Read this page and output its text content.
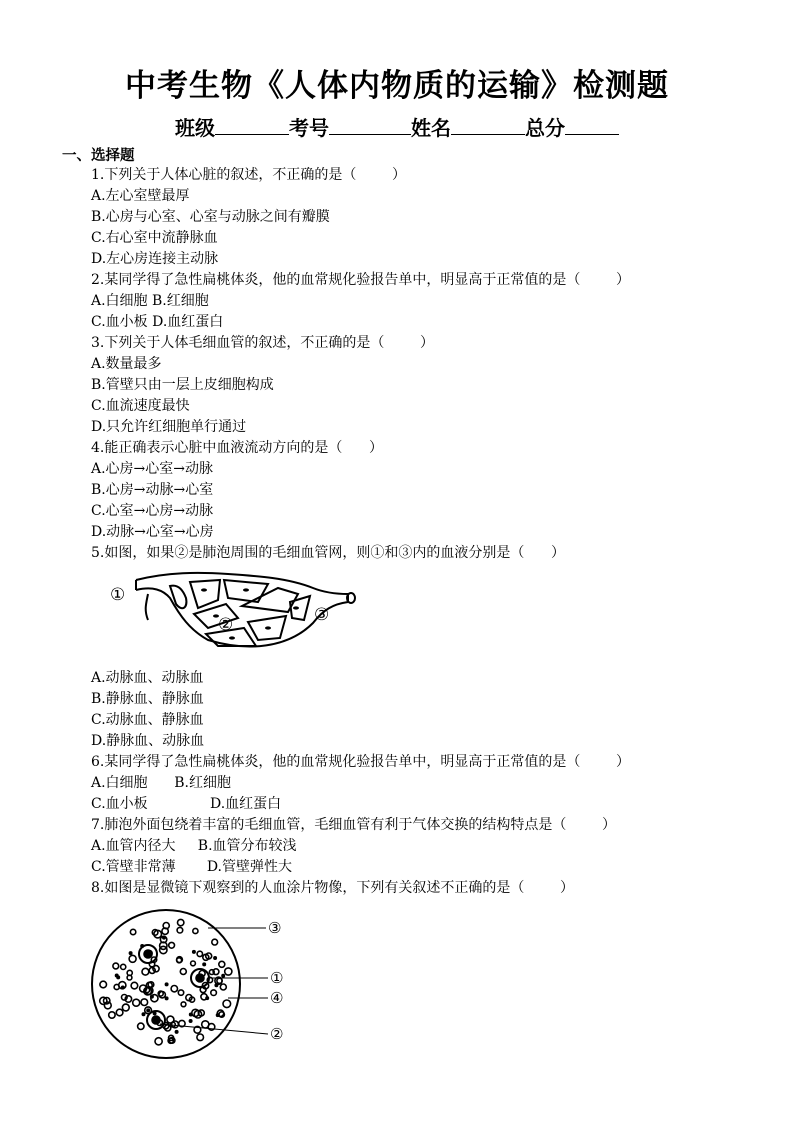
中考生物《人体内物质的运输》检测题
班级	考号	姓名	总分
一、选择题
1.下列关于人体心脏的叙述，不正确的是（        ）
A.左心室壁最厚
B.心房与心室、心室与动脉之间有瓣膜
C.右心室中流静脉血
D.左心房连接主动脉
2.某同学得了急性扁桃体炎，他的血常规化验报告单中，明显高于正常值的是（        ）
A.白细胞 B.红细胞
C.血小板 D.血红蛋白
3.下列关于人体毛细血管的叙述，不正确的是（        ）
A.数量最多
B.管壁只由一层上皮细胞构成
C.血流速度最快
D.只允许红细胞单行通过
4.能正确表示心脏中血液流动方向的是（      ）
A.心房→心室→动脉
B.心房→动脉→心室
C.心室→心房→动脉
D.动脉→心室→心房
5.如图，如果②是肺泡周围的毛细血管网，则①和③内的血液分别是（      ）
①
②	③
A.动脉血、动脉血
B.静脉血、静脉血
C.动脉血、静脉血
D.静脉血、动脉血
6.某同学得了急性扁桃体炎，他的血常规化验报告单中，明显高于正常值的是（        ）
A.白细胞      B.红细胞
C.血小板              D.血红蛋白
7.肺泡外面包绕着丰富的毛细血管，毛细血管有利于气体交换的结构特点是（        ）
A.血管内径大     B.血管分布较浅
C.管壁非常薄       D.管壁弹性大
8.如图是显微镜下观察到的人血涂片物像，下列有关叙述不正确的是（        ）
③
①
④
②
